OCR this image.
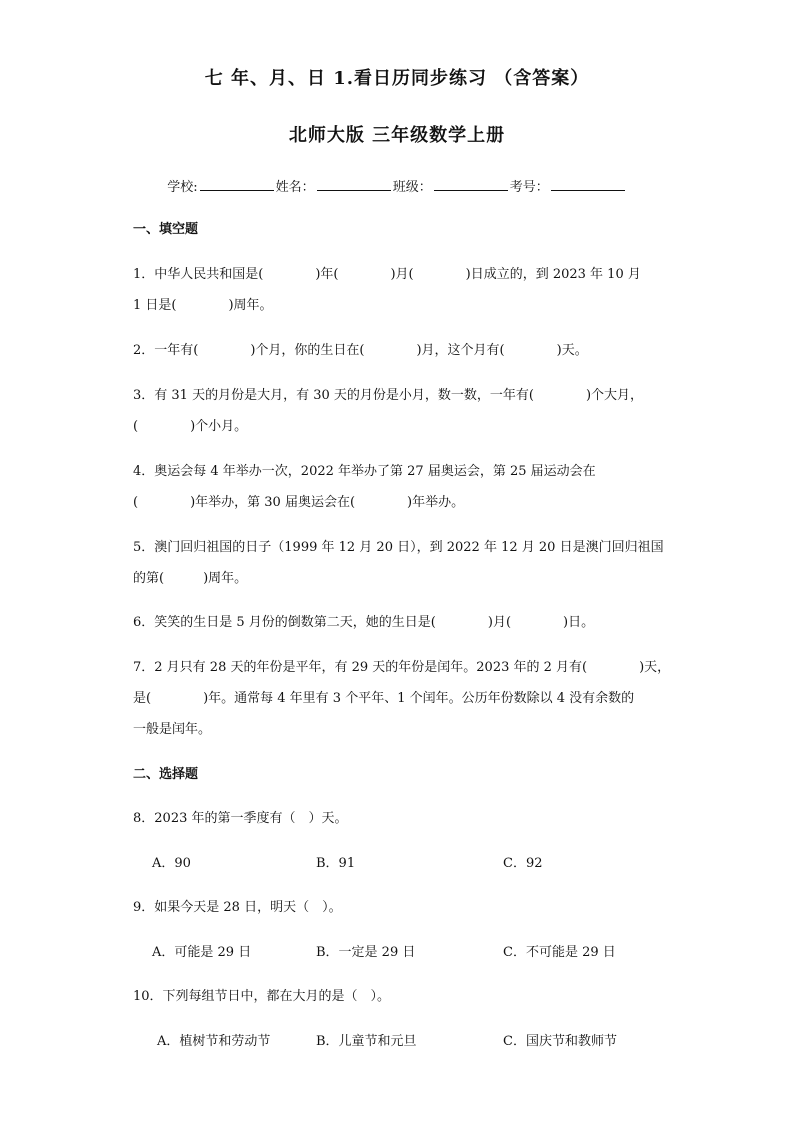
七 年、月、日 1.看日历同步练习 （含答案）
北师大版 三年级数学上册
学校:	姓名：	班级：	考号：
一、填空题
1．中华人民共和国是(　　　　)年(　　　　)月(　　　　)日成立的，到 2023 年 10 月
1 日是(　　　　)周年。
2．一年有(　　　　)个月，你的生日在(　　　　)月，这个月有(　　　　)天。
3．有 31 天的月份是大月，有 30 天的月份是小月，数一数，一年有(　　　　)个大月，
(　　　　)个小月。
4．奥运会每 4 年举办一次，2022 年举办了第 27 届奥运会，第 25 届运动会在
(　　　　)年举办，第 30 届奥运会在(　　　　)年举办。
5．澳门回归祖国的日子（1999 年 12 月 20 日），到 2022 年 12 月 20 日是澳门回归祖国
的第(　　　)周年。
6．笑笑的生日是 5 月份的倒数第二天，她的生日是(　　　　)月(　　　　)日。
7．2 月只有 28 天的年份是平年，有 29 天的年份是闰年。2023 年的 2 月有(　　　　)天，
是(　　　　)年。通常每 4 年里有 3 个平年、1 个闰年。公历年份数除以 4 没有余数的
一般是闰年。
二、选择题
8．2023 年的第一季度有（　）天。
A．90	B．91	C．92
9．如果今天是 28 日，明天（　）。
A．可能是 29 日	B．一定是 29 日	C．不可能是 29 日
10．下列每组节日中，都在大月的是（　）。
A．植树节和劳动节	B．儿童节和元旦	C．国庆节和教师节
